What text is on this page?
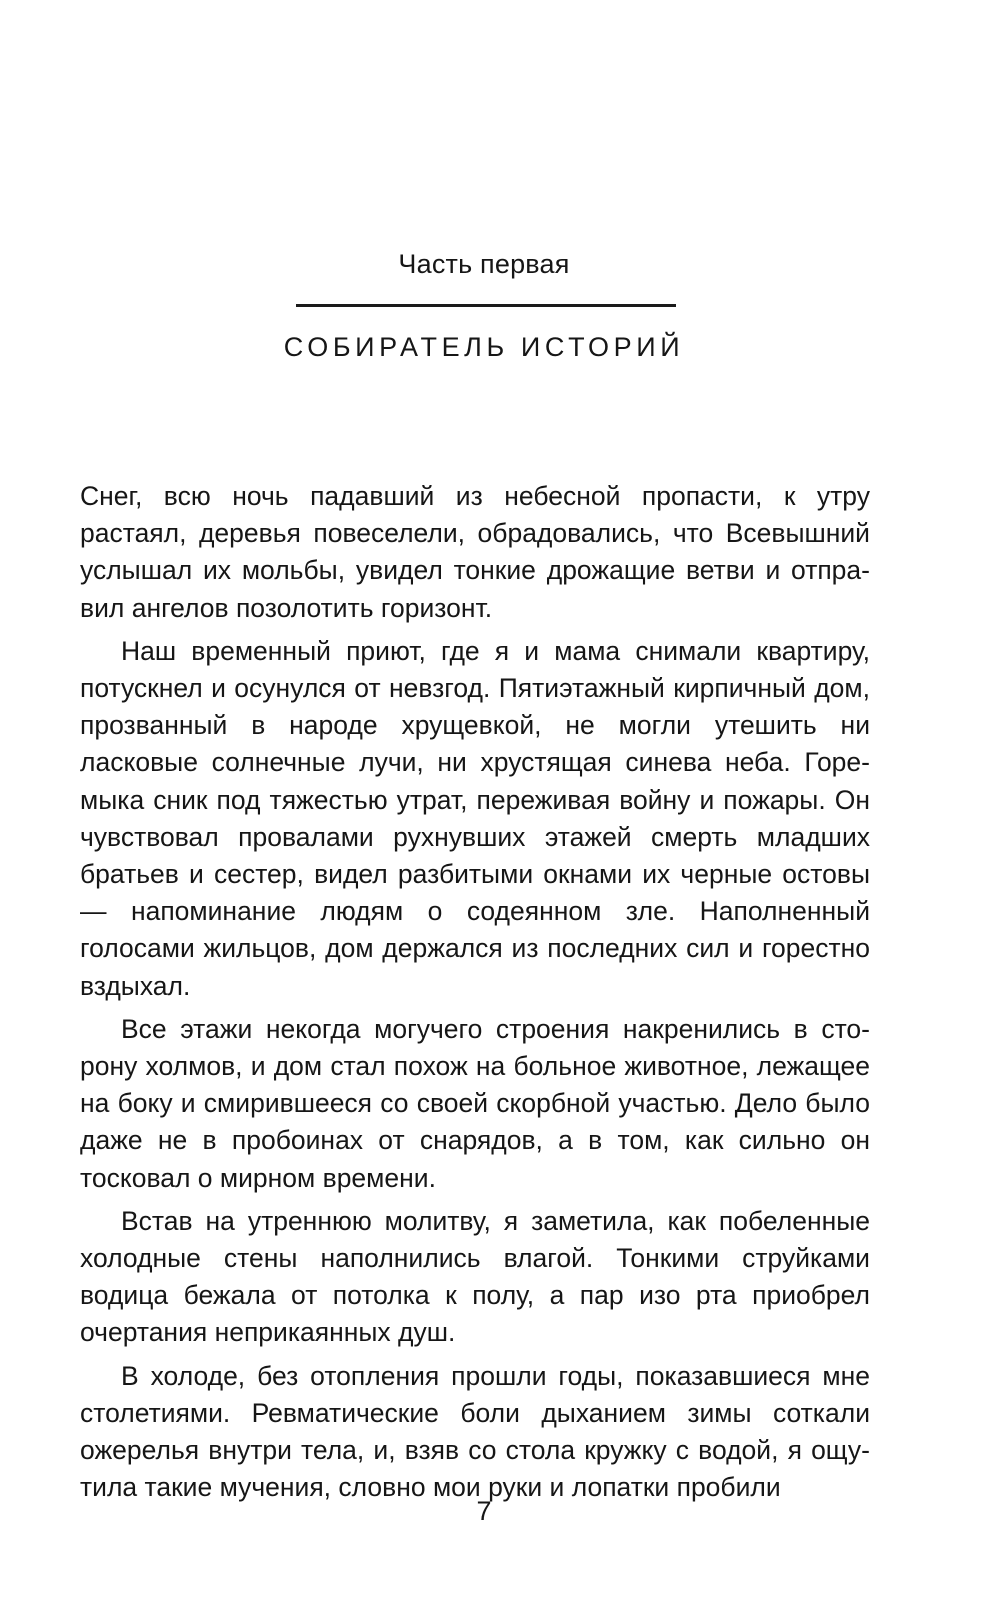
Часть первая
СОБИРАТЕЛЬ ИСТОРИЙ

Снег, всю ночь падавший из небесной пропасти, к утру растаял, деревья повеселели, обрадовались, что Всевышний услышал их мольбы, увидел тонкие дрожащие ветви и отправил ангелов позолотить горизонт.

Наш временный приют, где я и мама снимали квартиру, потускнел и осунулся от невзгод. Пятиэтажный кирпичный дом, прозванный в народе хрущевкой, не могли утешить ни ласковые солнечные лучи, ни хрустящая синева неба. Горемыка сник под тяжестью утрат, переживая войну и пожары. Он чувствовал провалами рухнувших этажей смерть младших братьев и сестер, видел разбитыми окнами их черные остовы — напоминание людям о содеянном зле. Наполненный голосами жильцов, дом держался из последних сил и горестно вздыхал.

Все этажи некогда могучего строения накренились в сторону холмов, и дом стал похож на больное животное, лежащее на боку и смирившееся со своей скорбной участью. Дело было даже не в пробоинах от снарядов, а в том, как сильно он тосковал о мирном времени.

Встав на утреннюю молитву, я заметила, как побеленные холодные стены наполнились влагой. Тонкими струйками водица бежала от потолка к полу, а пар изо рта приобрел очертания неприкаянных душ.

В холоде, без отопления прошли годы, показавшиеся мне столетиями. Ревматические боли дыханием зимы соткали ожерелья внутри тела, и, взяв со стола кружку с водой, я ощутила такие мучения, словно мои руки и лопатки пробили

7
